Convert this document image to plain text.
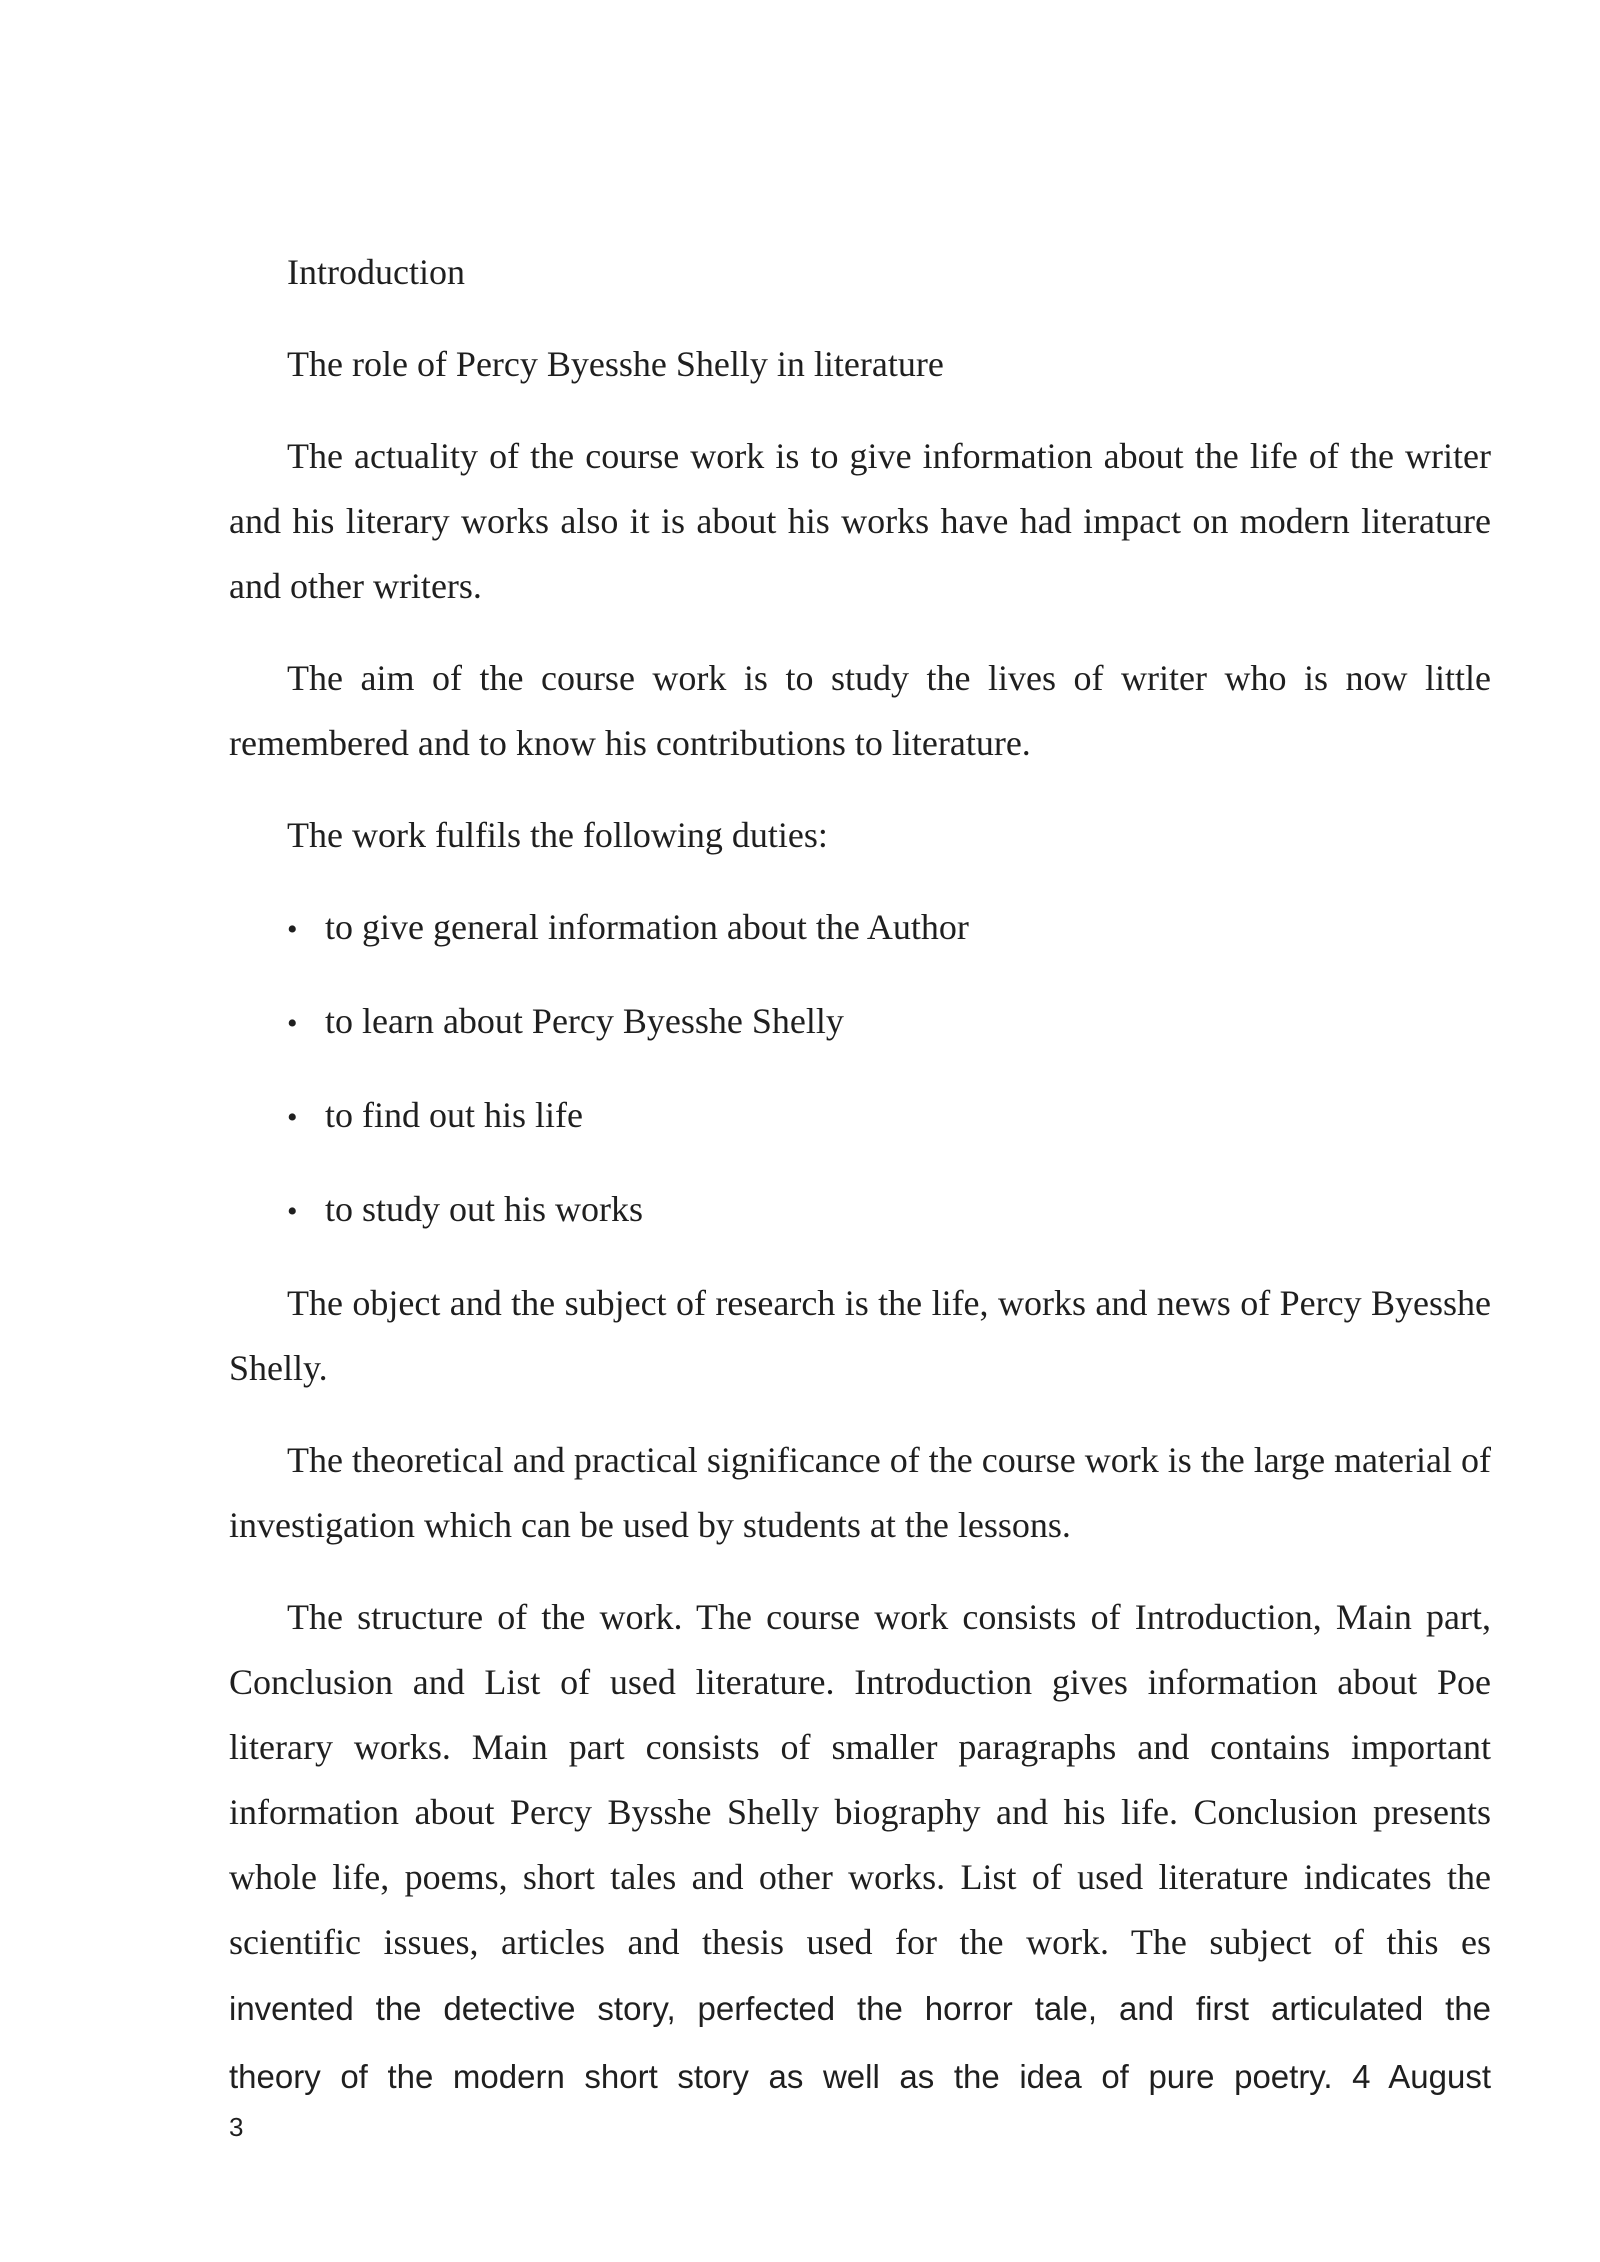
Introduction

The role of Percy Byesshe Shelly in literature

The actuality of the course work is to give information about the life of the writer and his literary works also it is about his works have had impact on modern literature and other writers.

The aim of the course work is to study the lives of writer who is now little remembered and to know his contributions to literature.

The work fulfils the following duties:

• to give general information about the Author
• to learn about Percy Byesshe Shelly
• to find out his life
• to study out his works

The object and the subject of research is the life, works and news of Percy Byesshe Shelly.

The theoretical and practical significance of the course work is the large material of investigation which can be used by students at the lessons.

The structure of the work. The course work consists of Introduction, Main part, Conclusion and List of used literature. Introduction gives information about Poe literary works. Main part consists of smaller paragraphs and contains important information about Percy Bysshe Shelly biography and his life. Conclusion presents whole life, poems, short tales and other works. List of used literature indicates the scientific issues, articles and thesis used for the work. The subject of this es

invented the detective story, perfected the horror tale, and first articulated the
theory of the modern short story as well as the idea of pure poetry. 4 August
3
